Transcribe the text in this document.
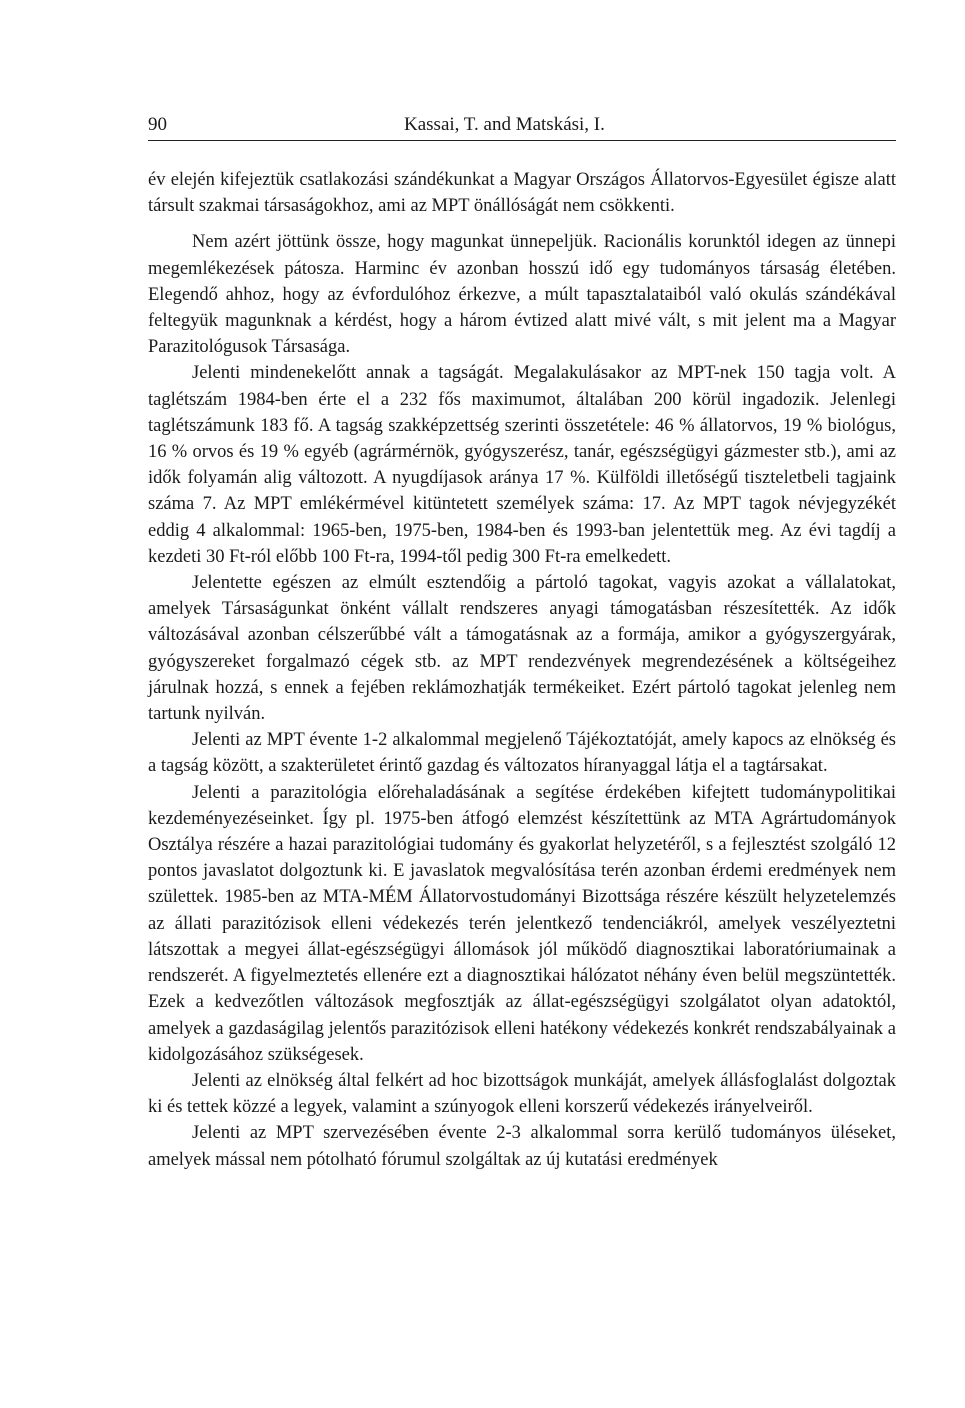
90	Kassai, T. and Matskási, I.

év elején kifejeztük csatlakozási szándékunkat a Magyar Országos Állatorvos-Egyesület égisze alatt társult szakmai társaságokhoz, ami az MPT önállóságát nem csökkenti.

Nem azért jöttünk össze, hogy magunkat ünnepeljük. Racionális korunktól idegen az ünnepi megemlékezések pátosza. Harminc év azonban hosszú idő egy tudományos társaság életében. Elegendő ahhoz, hogy az évfordulóhoz érkezve, a múlt tapasztalataiból való okulás szándékával feltegyük magunknak a kérdést, hogy a három évtized alatt mivé vált, s mit jelent ma a Magyar Parazitológusok Társasága.

Jelenti mindenekelőtt annak a tagságát. Megalakulásakor az MPT-nek 150 tagja volt. A taglétszám 1984-ben érte el a 232 fős maximumot, általában 200 körül ingadozik. Jelenlegi taglétszámunk 183 fő. A tagság szakképzettség szerinti összetétele: 46 % állatorvos, 19 % biológus, 16 % orvos és 19 % egyéb (agrármérnök, gyógyszerész, tanár, egészségügyi gázmester stb.), ami az idők folyamán alig változott. A nyugdíjasok aránya 17 %. Külföldi illetőségű tiszteletbeli tagjaink száma 7. Az MPT emlékérmével kitüntetett személyek száma: 17. Az MPT tagok névjegyzékét eddig 4 alkalommal: 1965-ben, 1975-ben, 1984-ben és 1993-ban jelentettük meg. Az évi tagdíj a kezdeti 30 Ft-ról előbb 100 Ft-ra, 1994-től pedig 300 Ft-ra emelkedett.

Jelentette egészen az elmúlt esztendőig a pártoló tagokat, vagyis azokat a vállalatokat, amelyek Társaságunkat önként vállalt rendszeres anyagi támogatásban részesítették. Az idők változásával azonban célszerűbbé vált a támogatásnak az a formája, amikor a gyógyszergyárak, gyógyszereket forgalmazó cégek stb. az MPT rendezvények megrendezésének a költségeihez járulnak hozzá, s ennek a fejében reklámozhatják termékeiket. Ezért pártoló tagokat jelenleg nem tartunk nyilván.

Jelenti az MPT évente 1-2 alkalommal megjelenő Tájékoztatóját, amely kapocs az elnökség és a tagság között, a szakterületet érintő gazdag és változatos híranyaggal látja el a tagtársakat.

Jelenti a parazitológia előrehaladásának a segítése érdekében kifejtett tudománypolitikai kezdeményezéseinket. Így pl. 1975-ben átfogó elemzést készítettünk az MTA Agrártudományok Osztálya részére a hazai parazitológiai tudomány és gyakorlat helyzetéről, s a fejlesztést szolgáló 12 pontos javaslatot dolgoztunk ki. E javaslatok megvalósítása terén azonban érdemi eredmények nem születtek. 1985-ben az MTA-MÉM Állatorvostudományi Bizottsága részére készült helyzetelemzés az állati parazitózisok elleni védekezés terén jelentkező tendenciákról, amelyek veszélyeztetni látszottak a megyei állat-egészségügyi állomások jól működő diagnosztikai laboratóriumainak a rendszerét. A figyelmeztetés ellenére ezt a diagnosztikai hálózatot néhány éven belül megszüntették. Ezek a kedvezőtlen változások megfosztják az állat-egészségügyi szolgálatot olyan adatoktól, amelyek a gazdaságilag jelentős parazitózisok elleni hatékony védekezés konkrét rendszabályainak a kidolgozásához szükségesek.

Jelenti az elnökség által felkért ad hoc bizottságok munkáját, amelyek állásfoglalást dolgoztak ki és tettek közzé a legyek, valamint a szúnyogok elleni korszerű védekezés irányelveiről.

Jelenti az MPT szervezésében évente 2-3 alkalommal sorra kerülő tudományos üléseket, amelyek mással nem pótolható fórumul szolgáltak az új kutatási eredmények
